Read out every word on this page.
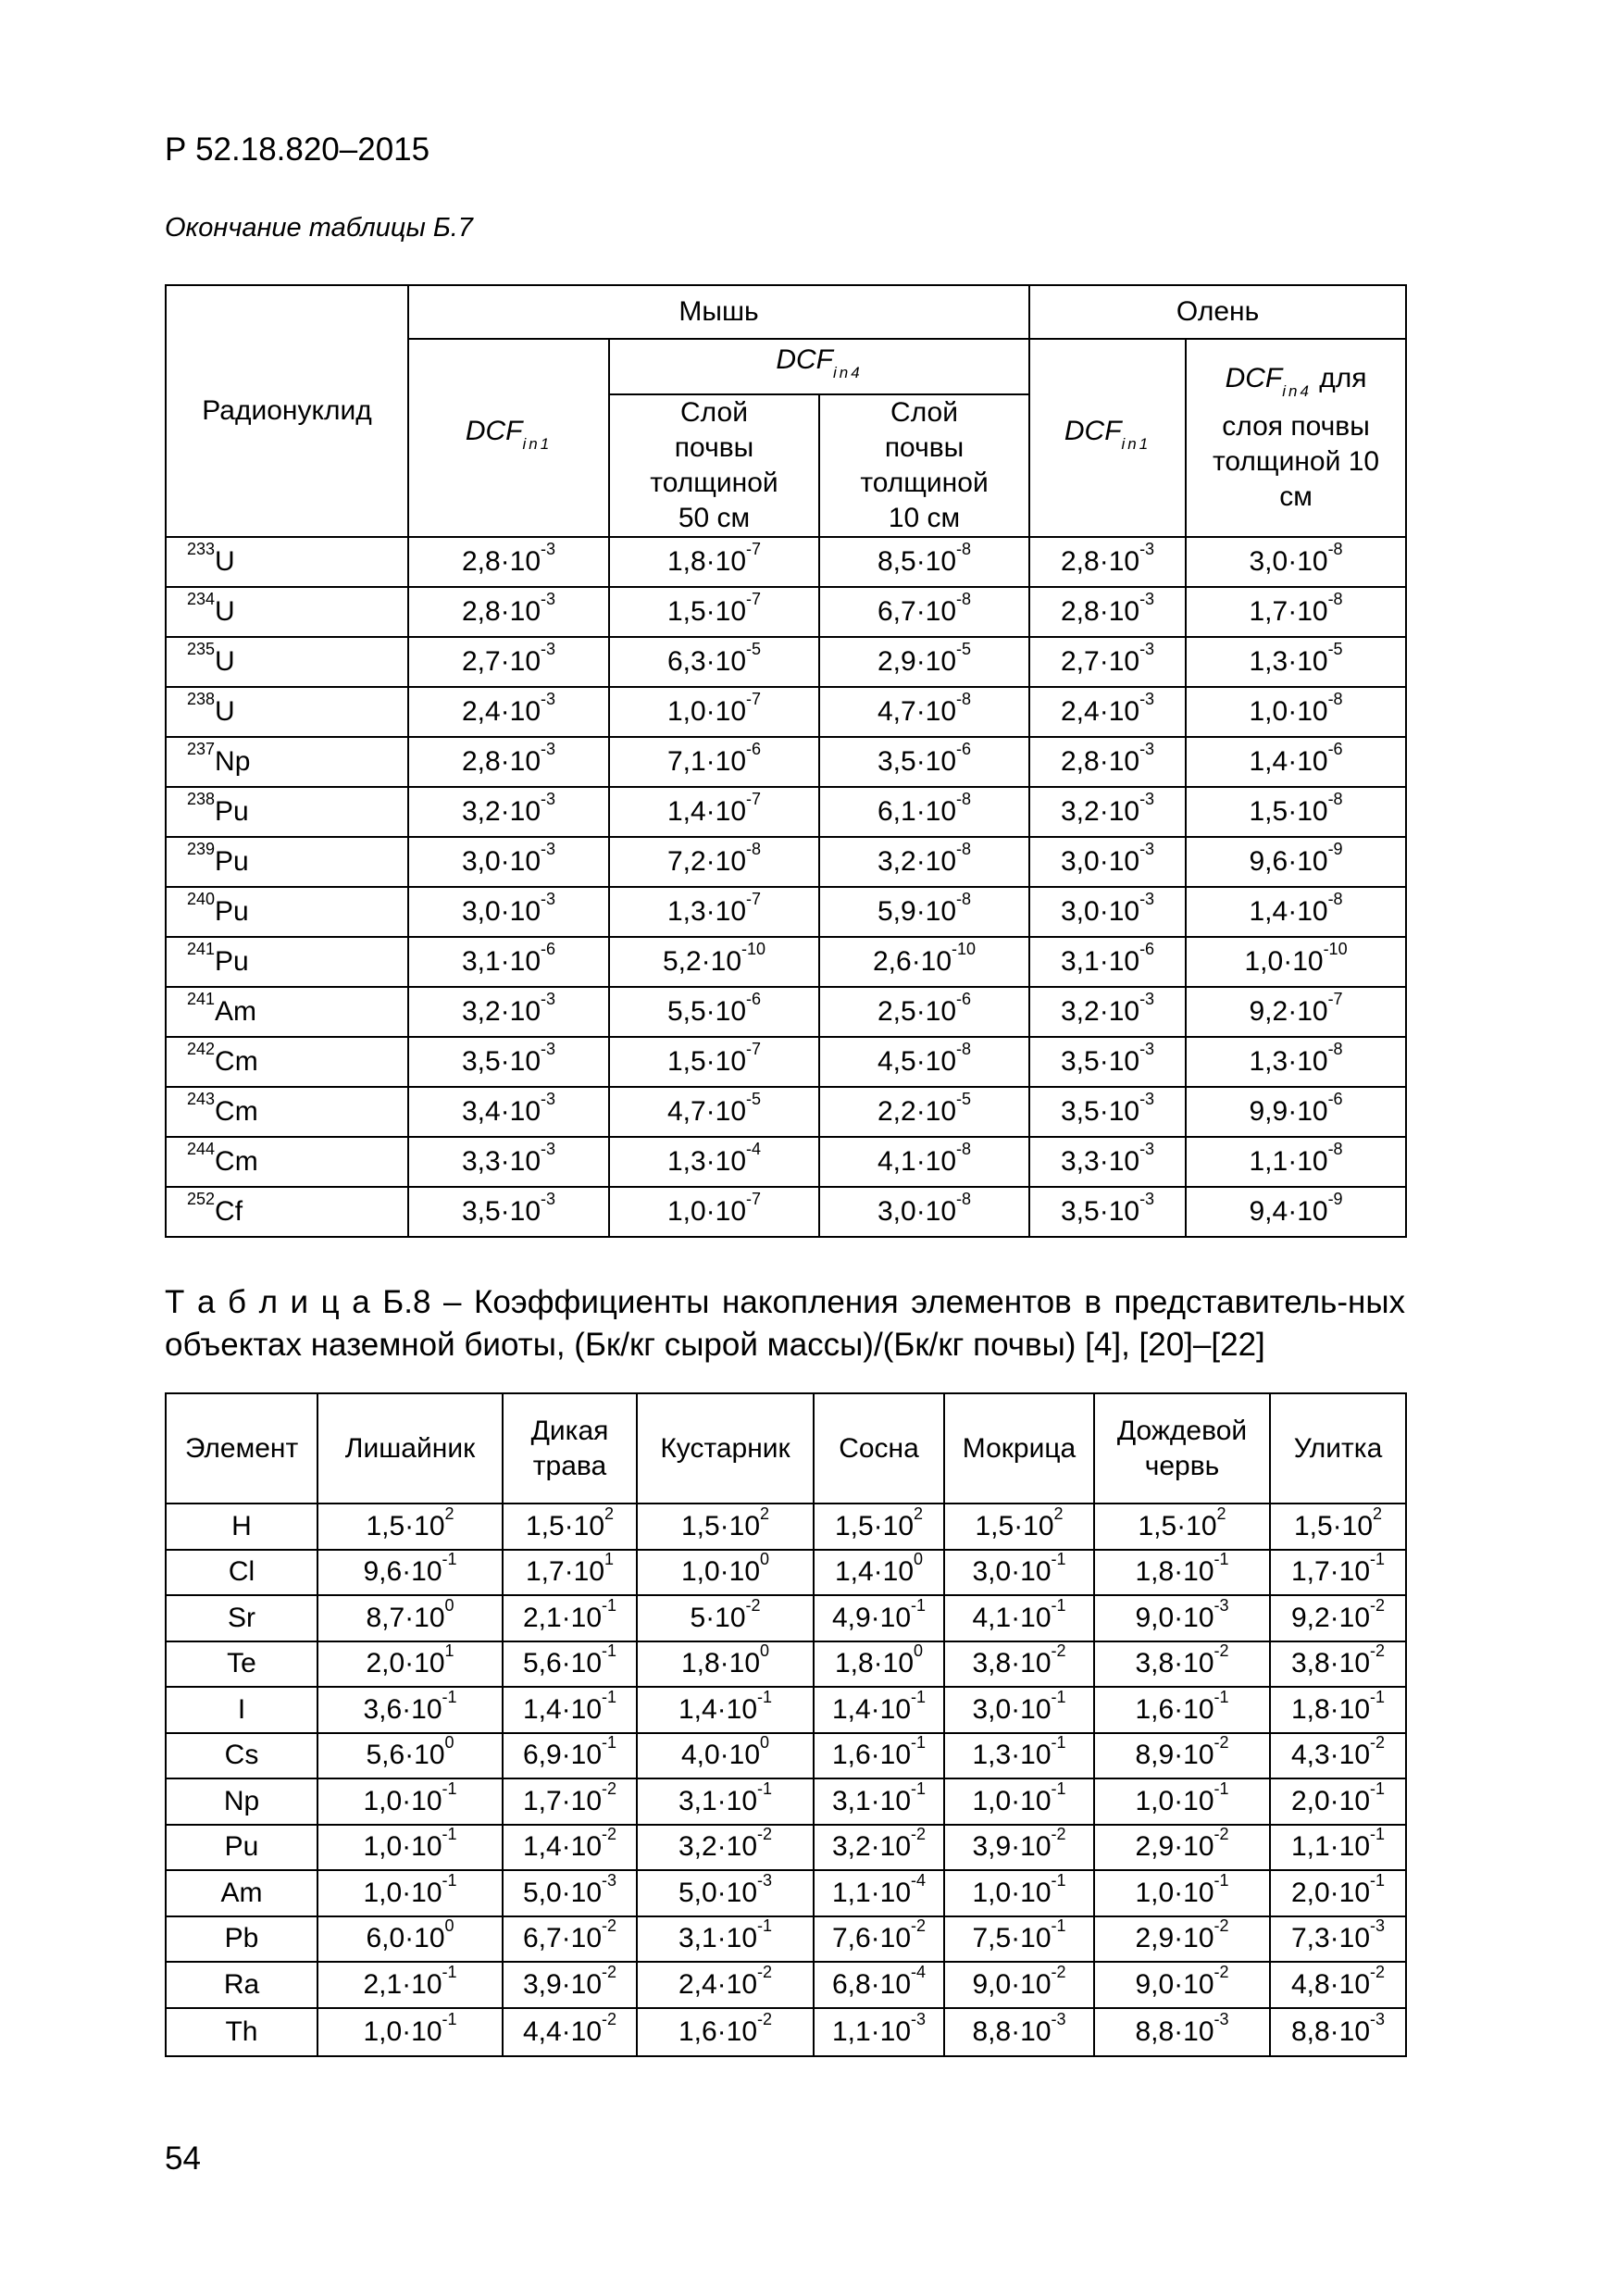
Р 52.18.820–2015
Окончание таблицы Б.7
Радионуклид	Мышь			Олень	
	$DCF_{in1}$	$DCF_{in4}$		$DCF_{in1}$	$DCF_{in4}$ для слоя почвы толщиной 10 см
		Слой почвы толщиной 50 см	Слой почвы толщиной 10 см		
$^{233}$U	$2,8\cdot 10^{-3}$	$1,8\cdot 10^{-7}$	$8,5\cdot 10^{-8}$	$2,8\cdot 10^{-3}$	$3,0\cdot 10^{-8}$
$^{234}$U	$2,8\cdot 10^{-3}$	$1,5\cdot 10^{-7}$	$6,7\cdot 10^{-8}$	$2,8\cdot 10^{-3}$	$1,7\cdot 10^{-8}$
$^{235}$U	$2,7\cdot 10^{-3}$	$6,3\cdot 10^{-5}$	$2,9\cdot 10^{-5}$	$2,7\cdot 10^{-3}$	$1,3\cdot 10^{-5}$
$^{238}$U	$2,4\cdot 10^{-3}$	$1,0\cdot 10^{-7}$	$4,7\cdot 10^{-8}$	$2,4\cdot 10^{-3}$	$1,0\cdot 10^{-8}$
$^{237}$Np	$2,8\cdot 10^{-3}$	$7,1\cdot 10^{-6}$	$3,5\cdot 10^{-6}$	$2,8\cdot 10^{-3}$	$1,4\cdot 10^{-6}$
$^{238}$Pu	$3,2\cdot 10^{-3}$	$1,4\cdot 10^{-7}$	$6,1\cdot 10^{-8}$	$3,2\cdot 10^{-3}$	$1,5\cdot 10^{-8}$
$^{239}$Pu	$3,0\cdot 10^{-3}$	$7,2\cdot 10^{-8}$	$3,2\cdot 10^{-8}$	$3,0\cdot 10^{-3}$	$9,6\cdot 10^{-9}$
$^{240}$Pu	$3,0\cdot 10^{-3}$	$1,3\cdot 10^{-7}$	$5,9\cdot 10^{-8}$	$3,0\cdot 10^{-3}$	$1,4\cdot 10^{-8}$
$^{241}$Pu	$3,1\cdot 10^{-6}$	$5,2\cdot 10^{-10}$	$2,6\cdot 10^{-10}$	$3,1\cdot 10^{-6}$	$1,0\cdot 10^{-10}$
$^{241}$Am	$3,2\cdot 10^{-3}$	$5,5\cdot 10^{-6}$	$2,5\cdot 10^{-6}$	$3,2\cdot 10^{-3}$	$9,2\cdot 10^{-7}$
$^{242}$Cm	$3,5\cdot 10^{-3}$	$1,5\cdot 10^{-7}$	$4,5\cdot 10^{-8}$	$3,5\cdot 10^{-3}$	$1,3\cdot 10^{-8}$
$^{243}$Cm	$3,4\cdot 10^{-3}$	$4,7\cdot 10^{-5}$	$2,2\cdot 10^{-5}$	$3,5\cdot 10^{-3}$	$9,9\cdot 10^{-6}$
$^{244}$Cm	$3,3\cdot 10^{-3}$	$1,3\cdot 10^{-4}$	$4,1\cdot 10^{-8}$	$3,3\cdot 10^{-3}$	$1,1\cdot 10^{-8}$
$^{252}$Cf	$3,5\cdot 10^{-3}$	$1,0\cdot 10^{-7}$	$3,0\cdot 10^{-8}$	$3,5\cdot 10^{-3}$	$9,4\cdot 10^{-9}$
Т а б л и ц а Б.8 – Коэффициенты накопления элементов в представитель-ных объектах наземной биоты, (Бк/кг сырой массы)/(Бк/кг почвы) [4], [20]–[22]
Элемент	Лишайник	Дикая трава	Кустарник	Сосна	Мокрица	Дождевой червь	Улитка
H	$1,5\cdot 10^2$	$1,5\cdot 10^2$	$1,5\cdot 10^2$	$1,5\cdot 10^2$	$1,5\cdot 10^2$	$1,5\cdot 10^2$	$1,5\cdot 10^2$
Cl	$9,6\cdot 10^{-1}$	$1,7\cdot 10^1$	$1,0\cdot 10^0$	$1,4\cdot 10^0$	$3,0\cdot 10^{-1}$	$1,8\cdot 10^{-1}$	$1,7\cdot 10^{-1}$
Sr	$8,7\cdot 10^0$	$2,1\cdot 10^{-1}$	$5\cdot 10^{-2}$	$4,9\cdot 10^{-1}$	$4,1\cdot 10^{-1}$	$9,0\cdot 10^{-3}$	$9,2\cdot 10^{-2}$
Te	$2,0\cdot 10^1$	$5,6\cdot 10^{-1}$	$1,8\cdot 10^0$	$1,8\cdot 10^0$	$3,8\cdot 10^{-2}$	$3,8\cdot 10^{-2}$	$3,8\cdot 10^{-2}$
I	$3,6\cdot 10^{-1}$	$1,4\cdot 10^{-1}$	$1,4\cdot 10^{-1}$	$1,4\cdot 10^{-1}$	$3,0\cdot 10^{-1}$	$1,6\cdot 10^{-1}$	$1,8\cdot 10^{-1}$
Cs	$5,6\cdot 10^0$	$6,9\cdot 10^{-1}$	$4,0\cdot 10^0$	$1,6\cdot 10^{-1}$	$1,3\cdot 10^{-1}$	$8,9\cdot 10^{-2}$	$4,3\cdot 10^{-2}$
Np	$1,0\cdot 10^{-1}$	$1,7\cdot 10^{-2}$	$3,1\cdot 10^{-1}$	$3,1\cdot 10^{-1}$	$1,0\cdot 10^{-1}$	$1,0\cdot 10^{-1}$	$2,0\cdot 10^{-1}$
Pu	$1,0\cdot 10^{-1}$	$1,4\cdot 10^{-2}$	$3,2\cdot 10^{-2}$	$3,2\cdot 10^{-2}$	$3,9\cdot 10^{-2}$	$2,9\cdot 10^{-2}$	$1,1\cdot 10^{-1}$
Am	$1,0\cdot 10^{-1}$	$5,0\cdot 10^{-3}$	$5,0\cdot 10^{-3}$	$1,1\cdot 10^{-4}$	$1,0\cdot 10^{-1}$	$1,0\cdot 10^{-1}$	$2,0\cdot 10^{-1}$
Pb	$6,0\cdot 10^0$	$6,7\cdot 10^{-2}$	$3,1\cdot 10^{-1}$	$7,6\cdot 10^{-2}$	$7,5\cdot 10^{-1}$	$2,9\cdot 10^{-2}$	$7,3\cdot 10^{-3}$
Ra	$2,1\cdot 10^{-1}$	$3,9\cdot 10^{-2}$	$2,4\cdot 10^{-2}$	$6,8\cdot 10^{-4}$	$9,0\cdot 10^{-2}$	$9,0\cdot 10^{-2}$	$4,8\cdot 10^{-2}$
Th	$1,0\cdot 10^{-1}$	$4,4\cdot 10^{-2}$	$1,6\cdot 10^{-2}$	$1,1\cdot 10^{-3}$	$8,8\cdot 10^{-3}$	$8,8\cdot 10^{-3}$	$8,8\cdot 10^{-3}$
54
